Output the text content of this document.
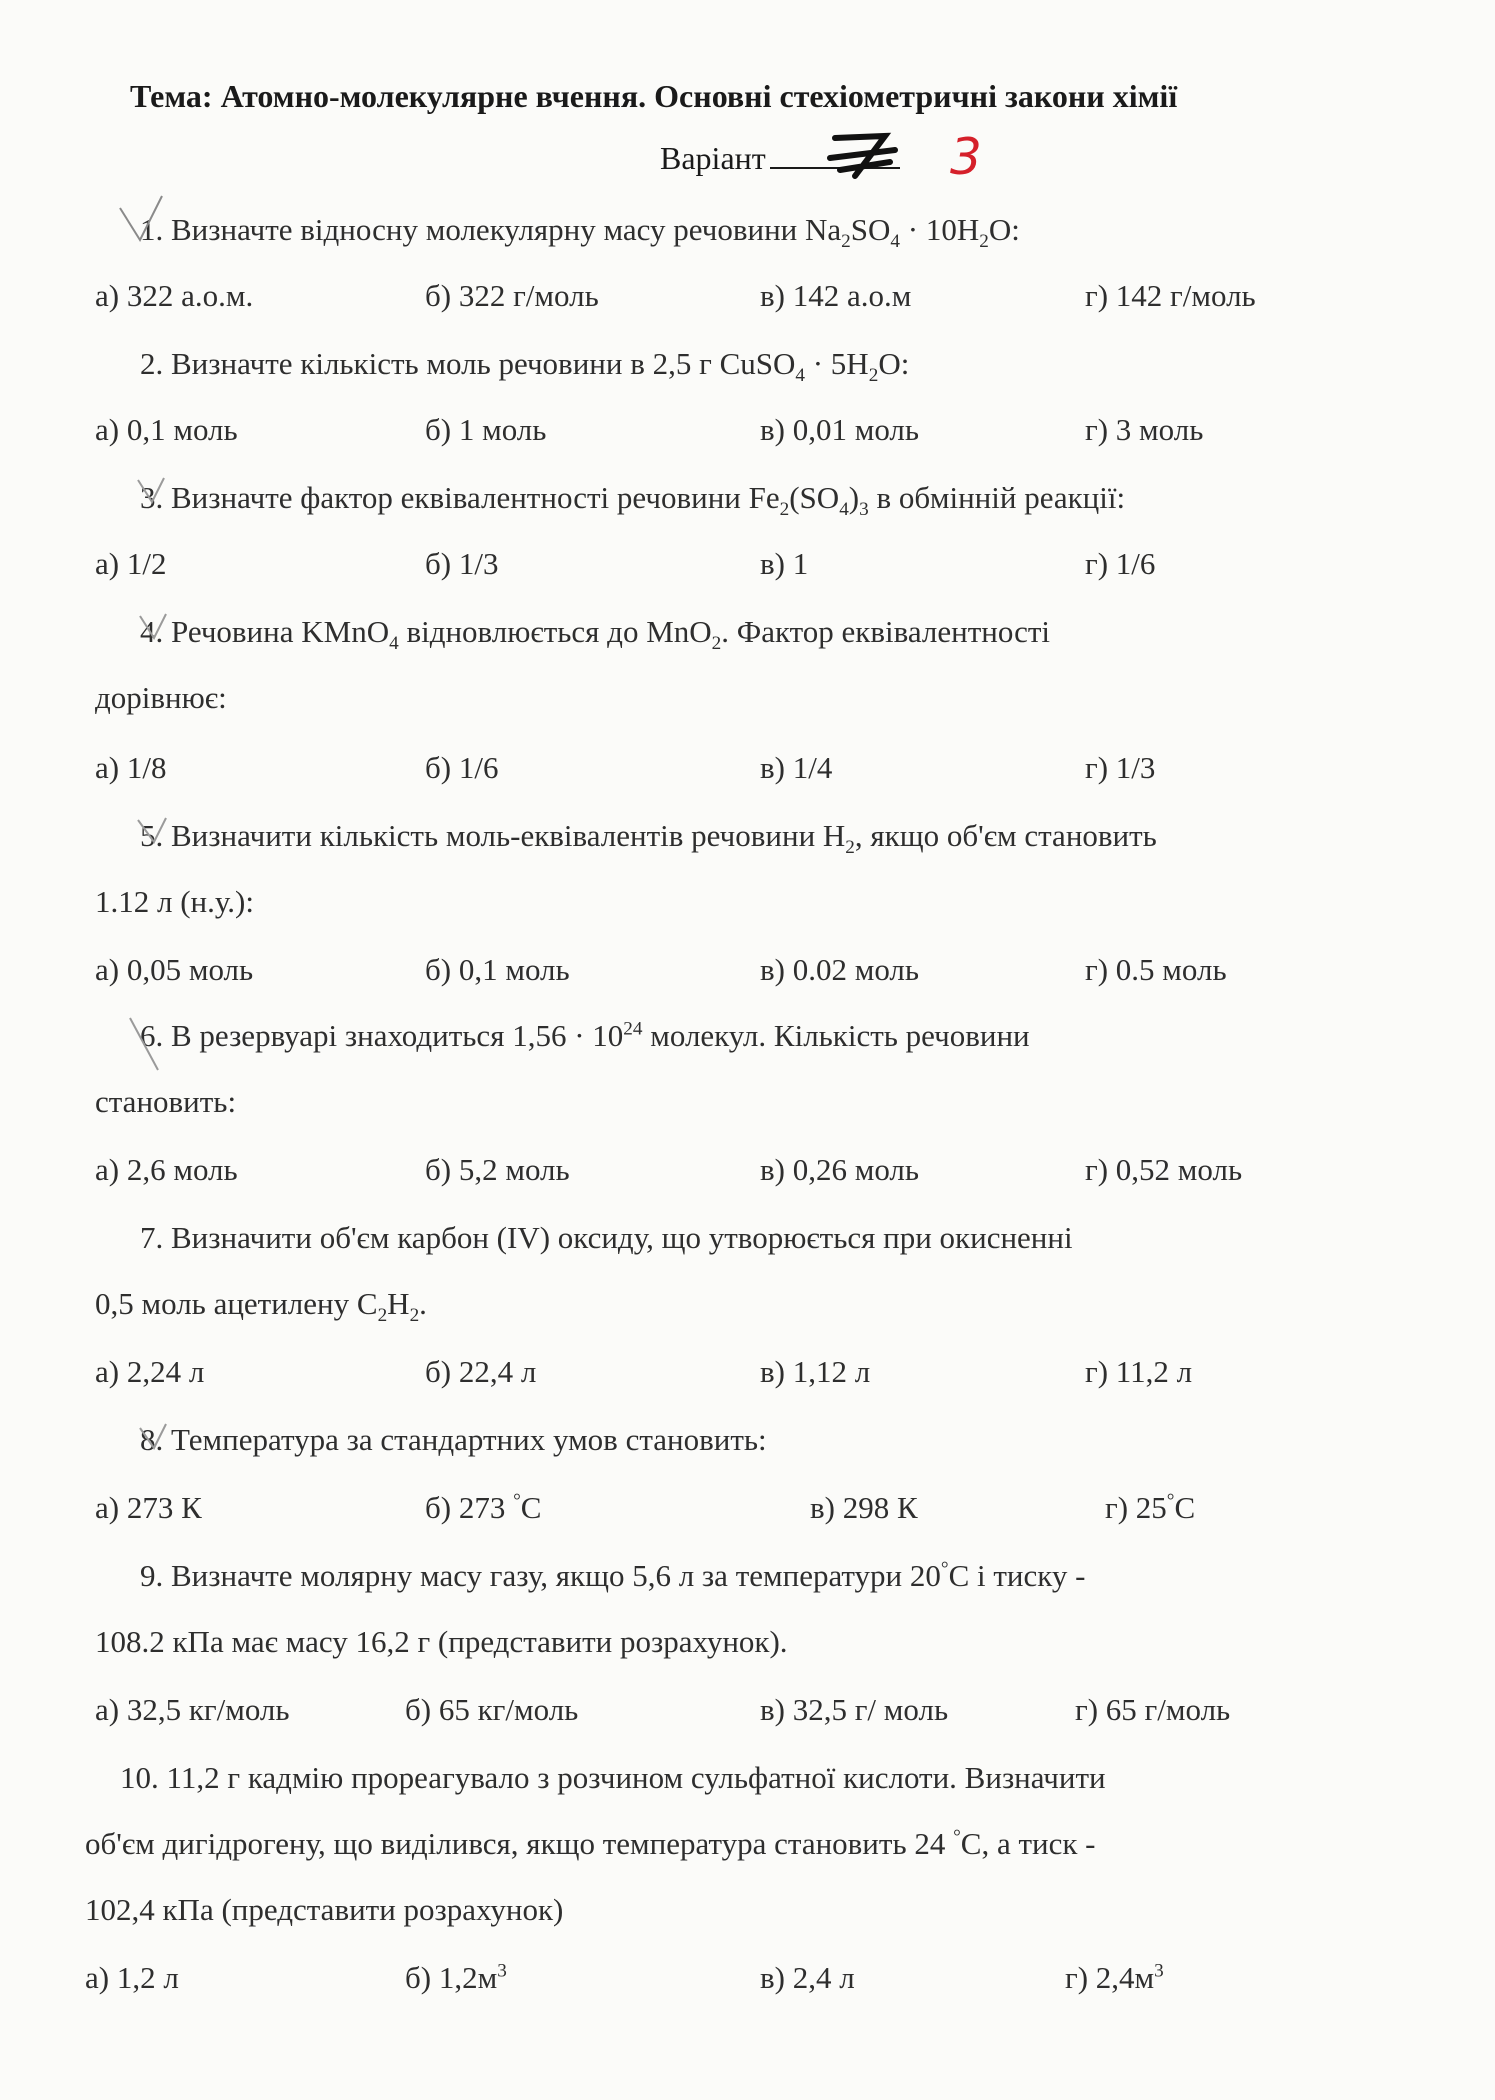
Тема: Атомно-молекулярне вчення. Основні стехіометричні закони хімії
Варіант	3
1. Визначте відносну молекулярну масу речовини $Na_2SO_4 \cdot 10H_2O$:
а) 322 а.о.м.	б) 322 г/моль	в) 142 а.о.м	г) 142 г/моль
2. Визначте кількість моль речовини в 2,5 г CuSO$_4$ · $5H_2O$:
а) 0,1 моль	б) 1 моль	в) 0,01 моль	г) 3 моль
3. Визначте фактор еквівалентності речовини $Fe_2(SO_4)_3$ в обмінній реакції:
а) 1/2	б) 1/3	в) 1	г) 1/6
4. Речовина KMnO$_4$ відновлюється до MnO$_2$. Фактор еквівалентності
дорівнює:
а) 1/8	б) 1/6	в) 1/4	г) 1/3
5. Визначити кількість моль-еквівалентів речовини $H_2$, якщо об'єм становить
1.12 л (н.у.):
а) 0,05 моль	б) 0,1 моль	в) 0.02 моль	г) 0.5 моль
6. В резервуарі знаходиться $1,56 \cdot 10^{24}$ молекул. Кількість речовини
становить:
а) 2,6 моль	б) 5,2 моль	в) 0,26 моль	г) 0,52 моль
7. Визначити об'єм карбон (IV) оксиду, що утворюється при окисненні
0,5 моль ацетилену $C_2H_2$.
а) 2,24 л	б) 22,4 л	в) 1,12 л	г) 11,2 л
8. Температура за стандартних умов становить:
а) 273 К	б) 273 °С	в) 298 К	г) 25°С
9. Визначте молярну масу газу, якщо 5,6 л за температури 20°С і тиску -
108.2 кПа має масу 16,2 г (представити розрахунок).
а) 32,5 кг/моль	б) 65 кг/моль	в) 32,5 г/ моль	г) 65 г/моль
10. 11,2 г кадмію прореагувало з розчином сульфатної кислоти. Визначити
об'єм дигідрогену, що виділився, якщо температура становить 24 °С, а тиск -
102,4 кПа (представити розрахунок)
а) 1,2 л	б) $1,2м^3$	в) 2,4 л	г) $2,4м^3$
